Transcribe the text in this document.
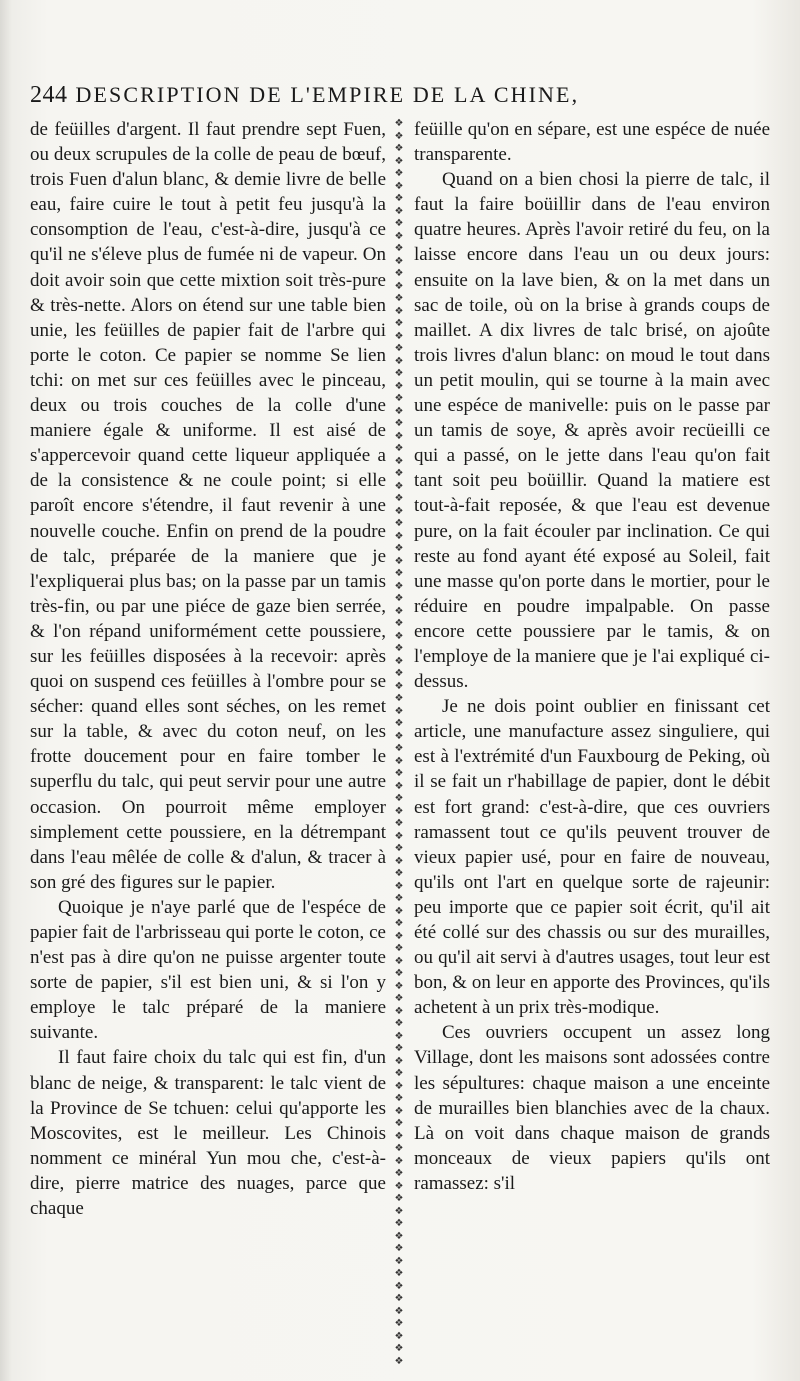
244 DESCRIPTION DE L'EMPIRE DE LA CHINE,

de feüilles d'argent. Il faut prendre sept Fuen, ou deux scrupules de la colle de peau de bœuf, trois Fuen d'alun blanc, & demie livre de belle eau, faire cuire le tout à petit feu jusqu'à la consomption de l'eau, c'est-à-dire, jusqu'à ce qu'il ne s'éleve plus de fumée ni de vapeur. On doit avoir soin que cette mixtion soit très-pure & très-nette. Alors on étend sur une table bien unie, les feüilles de papier fait de l'arbre qui porte le coton. Ce papier se nomme Se lien tchi: on met sur ces feüilles avec le pinceau, deux ou trois couches de la colle d'une maniere égale & uniforme. Il est aisé de s'appercevoir quand cette liqueur appliquée a de la consistence & ne coule point; si elle paroît encore s'étendre, il faut revenir à une nouvelle couche. Enfin on prend de la poudre de talc, préparée de la maniere que je l'expliquerai plus bas; on la passe par un tamis très-fin, ou par une piéce de gaze bien serrée, & l'on répand uniformément cette poussiere, sur les feüilles disposées à la recevoir: après quoi on suspend ces feüilles à l'ombre pour se sécher: quand elles sont séches, on les remet sur la table, & avec du coton neuf, on les frotte doucement pour en faire tomber le superflu du talc, qui peut servir pour une autre occasion. On pourroit même employer simplement cette poussiere, en la détrempant dans l'eau mêlée de colle & d'alun, & tracer à son gré des figures sur le papier.

Quoique je n'aye parlé que de l'espéce de papier fait de l'arbrisseau qui porte le coton, ce n'est pas à dire qu'on ne puisse argenter toute sorte de papier, s'il est bien uni, & si l'on y employe le talc préparé de la maniere suivante.

Il faut faire choix du talc qui est fin, d'un blanc de neige, & transparent: le talc vient de la Province de Se tchuen: celui qu'apporte les Moscovites, est le meilleur. Les Chinois nomment ce minéral Yun mou che, c'est-à-dire, pierre matrice des nuages, parce que chaque

❖
❖
❖
❖
❖
❖
❖
❖
❖
❖
❖
❖
❖
❖
❖
❖
❖
❖
❖
❖
❖
❖
❖
❖
❖
❖
❖
❖
❖
❖
❖
❖
❖
❖
❖
❖
❖
❖
❖
❖
❖
❖
❖
❖
❖
❖
❖
❖
❖
❖
❖
❖
❖
❖
❖
❖
❖
❖
❖
❖
❖
❖
❖
❖
❖
❖
❖
❖
❖
❖
❖
❖
❖
❖
❖
❖
❖
❖
❖
❖
❖
❖
❖
❖
❖
❖
❖
❖
❖
❖
❖
❖
❖
❖
❖
❖
❖
❖
❖
❖

feüille qu'on en sépare, est une espéce de nuée transparente.

Quand on a bien chosi la pierre de talc, il faut la faire boüillir dans de l'eau environ quatre heures. Après l'avoir retiré du feu, on la laisse encore dans l'eau un ou deux jours: ensuite on la lave bien, & on la met dans un sac de toile, où on la brise à grands coups de maillet. A dix livres de talc brisé, on ajoûte trois livres d'alun blanc: on moud le tout dans un petit moulin, qui se tourne à la main avec une espéce de manivelle: puis on le passe par un tamis de soye, & après avoir recüeilli ce qui a passé, on le jette dans l'eau qu'on fait tant soit peu boüillir. Quand la matiere est tout-à-fait reposée, & que l'eau est devenue pure, on la fait écouler par inclination. Ce qui reste au fond ayant été exposé au Soleil, fait une masse qu'on porte dans le mortier, pour le réduire en poudre impalpable. On passe encore cette poussiere par le tamis, & on l'employe de la maniere que je l'ai expliqué ci-dessus.

Je ne dois point oublier en finissant cet article, une manufacture assez singuliere, qui est à l'extrémité d'un Fauxbourg de Peking, où il se fait un r'habillage de papier, dont le débit est fort grand: c'est-à-dire, que ces ouvriers ramassent tout ce qu'ils peuvent trouver de vieux papier usé, pour en faire de nouveau, qu'ils ont l'art en quelque sorte de rajeunir: peu importe que ce papier soit écrit, qu'il ait été collé sur des chassis ou sur des murailles, ou qu'il ait servi à d'autres usages, tout leur est bon, & on leur en apporte des Provinces, qu'ils achetent à un prix très-modique.

Ces ouvriers occupent un assez long Village, dont les maisons sont adossées contre les sépultures: chaque maison a une enceinte de murailles bien blanchies avec de la chaux. Là on voit dans chaque maison de grands monceaux de vieux papiers qu'ils ont ramassez: s'il
